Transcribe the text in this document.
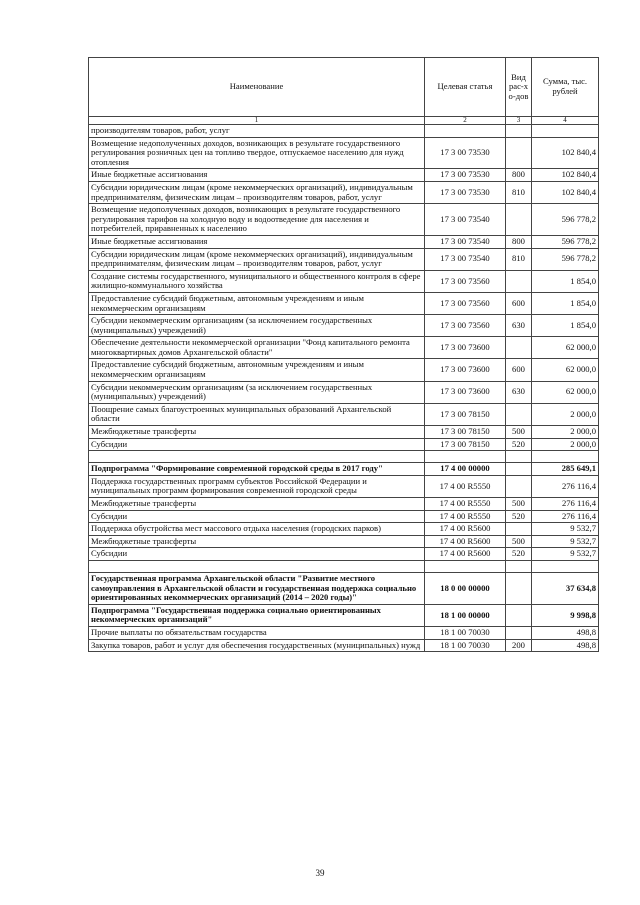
Наименование	Целевая статья	Вид рас-хо-дов	Сумма, тыс. рублей
1	2	3	4
производителям товаров, работ, услуг			
Возмещение недополученных доходов, возникающих в результате государственного регулирования розничных цен на топливо твердое, отпускаемое населению для нужд отопления	17 3 00 73530		102 840,4
Иные бюджетные ассигнования	17 3 00 73530	800	102 840,4
Субсидии юридическим лицам (кроме некоммерческих организаций), индивидуальным предпринимателям, физическим лицам – производителям товаров, работ, услуг	17 3 00 73530	810	102 840,4
Возмещение недополученных доходов, возникающих в результате государственного регулирования тарифов на холодную воду и водоотведение для населения и потребителей, приравненных к населению	17 3 00 73540		596 778,2
Иные бюджетные ассигнования	17 3 00 73540	800	596 778,2
Субсидии юридическим лицам (кроме некоммерческих организаций), индивидуальным предпринимателям, физическим лицам – производителям товаров, работ, услуг	17 3 00 73540	810	596 778,2
Создание системы государственного, муниципального и общественного контроля в сфере жилищно-коммунального хозяйства	17 3 00 73560		1 854,0
Предоставление субсидий бюджетным, автономным учреждениям и иным некоммерческим организациям	17 3 00 73560	600	1 854,0
Субсидии некоммерческим организациям (за исключением государственных (муниципальных) учреждений)	17 3 00 73560	630	1 854,0
Обеспечение деятельности некоммерческой организации "Фонд капитального ремонта многоквартирных домов Архангельской области"	17 3 00 73600		62 000,0
Предоставление субсидий бюджетным, автономным учреждениям и иным некоммерческим организациям	17 3 00 73600	600	62 000,0
Субсидии некоммерческим организациям (за исключением государственных (муниципальных) учреждений)	17 3 00 73600	630	62 000,0
Поощрение самых благоустроенных муниципальных образований Архангельской области	17 3 00 78150		2 000,0
Межбюджетные трансферты	17 3 00 78150	500	2 000,0
Субсидии	17 3 00 78150	520	2 000,0

Подпрограмма "Формирование современной городской среды в 2017 году"	17 4 00 00000		285 649,1
Поддержка государственных программ субъектов Российской Федерации и муниципальных программ формирования современной городской среды	17 4 00 R5550		276 116,4
Межбюджетные трансферты	17 4 00 R5550	500	276 116,4
Субсидии	17 4 00 R5550	520	276 116,4
Поддержка обустройства мест массового отдыха населения (городских парков)	17 4 00 R5600		9 532,7
Межбюджетные трансферты	17 4 00 R5600	500	9 532,7
Субсидии	17 4 00 R5600	520	9 532,7

Государственная программа Архангельской области "Развитие местного самоуправления в Архангельской области и государственная поддержка социально ориентированных некоммерческих организаций (2014 – 2020 годы)"	18 0 00 00000		37 634,8
Подпрограмма "Государственная поддержка социально ориентированных некоммерческих организаций"	18 1 00 00000		9 998,8
Прочие выплаты по обязательствам государства	18 1 00 70030		498,8
Закупка товаров, работ и услуг для обеспечения государственных (муниципальных) нужд	18 1 00 70030	200	498,8
39
